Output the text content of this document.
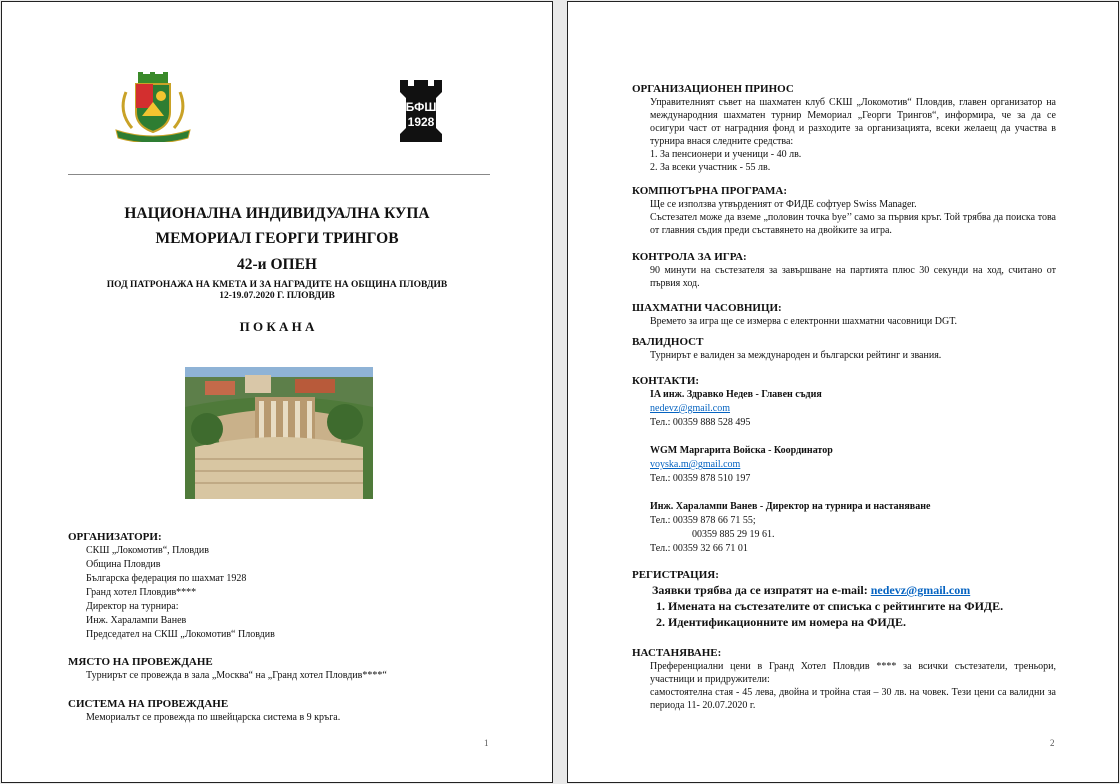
БФШ
1928
НАЦИОНАЛНА ИНДИВИДУАЛНА КУПА
МЕМОРИАЛ ГЕОРГИ ТРИНГОВ
42-и ОПЕН
ПОД ПАТРОНАЖА НА КМЕТА И ЗА НАГРАДИТЕ НА ОБЩИНА ПЛОВДИВ
12-19.07.2020 Г. ПЛОВДИВ
П О К А Н А
ОРГАНИЗАТОРИ:
СКШ „Локомотив“, Пловдив
Община Пловдив
Българска федерация по шахмат 1928
Гранд хотел Пловдив****
Директор на турнира:
Инж. Харалампи Ванев
Председател на СКШ „Локомотив“ Пловдив
МЯСТО НА ПРОВЕЖДАНЕ
Турнирът се провежда в зала „Москва“ на „Гранд хотел Пловдив****“
СИСТЕМА НА ПРОВЕЖДАНЕ
Мемориалът се провежда по швейцарска система в 9 кръга.
1
ОРГАНИЗАЦИОНЕН ПРИНОС
Управителният съвет на шахматен клуб СКШ „Локомотив“ Пловдив, главен организатор на международния шахматен турнир Мемориал „Георги Трингов“, информира, че за да се осигури част от наградния фонд и разходите за организацията, всеки желаещ да участва в турнира внася следните средства:
1. За пенсионери и ученици - 40 лв.
2. За всеки участник - 55 лв.
КОМПЮТЪРНА ПРОГРАМА:
Ще се използва утвърденият от ФИДЕ софтуер Swiss Manager.
Състезател може да вземе „половин точка bye’’ само за първия кръг. Той трябва да поиска това от главния съдия преди съставянето на двойките за игра.
КОНТРОЛА ЗА ИГРА:
90 минути на състезателя за завършване на партията плюс 30 секунди на ход, считано от първия ход.
ШАХМАТНИ ЧАСОВНИЦИ:
Времето за игра ще се измерва с електронни шахматни часовници DGT.
ВАЛИДНОСТ
Турнирът е валиден за международен и български рейтинг и звания.
КОНТАКТИ:
IA инж. Здравко Недев - Главен съдия
nedevz@gmail.com
Тел.: 00359 888 528 495
WGM Маргарита Войска - Координатор
voyska.m@gmail.com
Тел.: 00359 878 510 197
Инж. Харалампи Ванев - Директор на турнира и настаняване
Тел.: 00359 878 66 71 55;
00359 885 29 19 61.
Тел.: 00359 32 66 71 01
РЕГИСТРАЦИЯ:
Заявки трябва да се изпратят на e-mail: nedevz@gmail.com
1. Имената на състезателите от списъка с рейтингите на ФИДЕ.
2. Идентификационните им номера на ФИДЕ.
НАСТАНЯВАНЕ:
Преференциални цени в Гранд Хотел Пловдив **** за всички състезатели, треньори, участници и придружители:
самостоятелна стая - 45 лева, двойна и тройна стая – 30 лв. на човек. Тези цени са валидни за периода 11- 20.07.2020 г.
2
